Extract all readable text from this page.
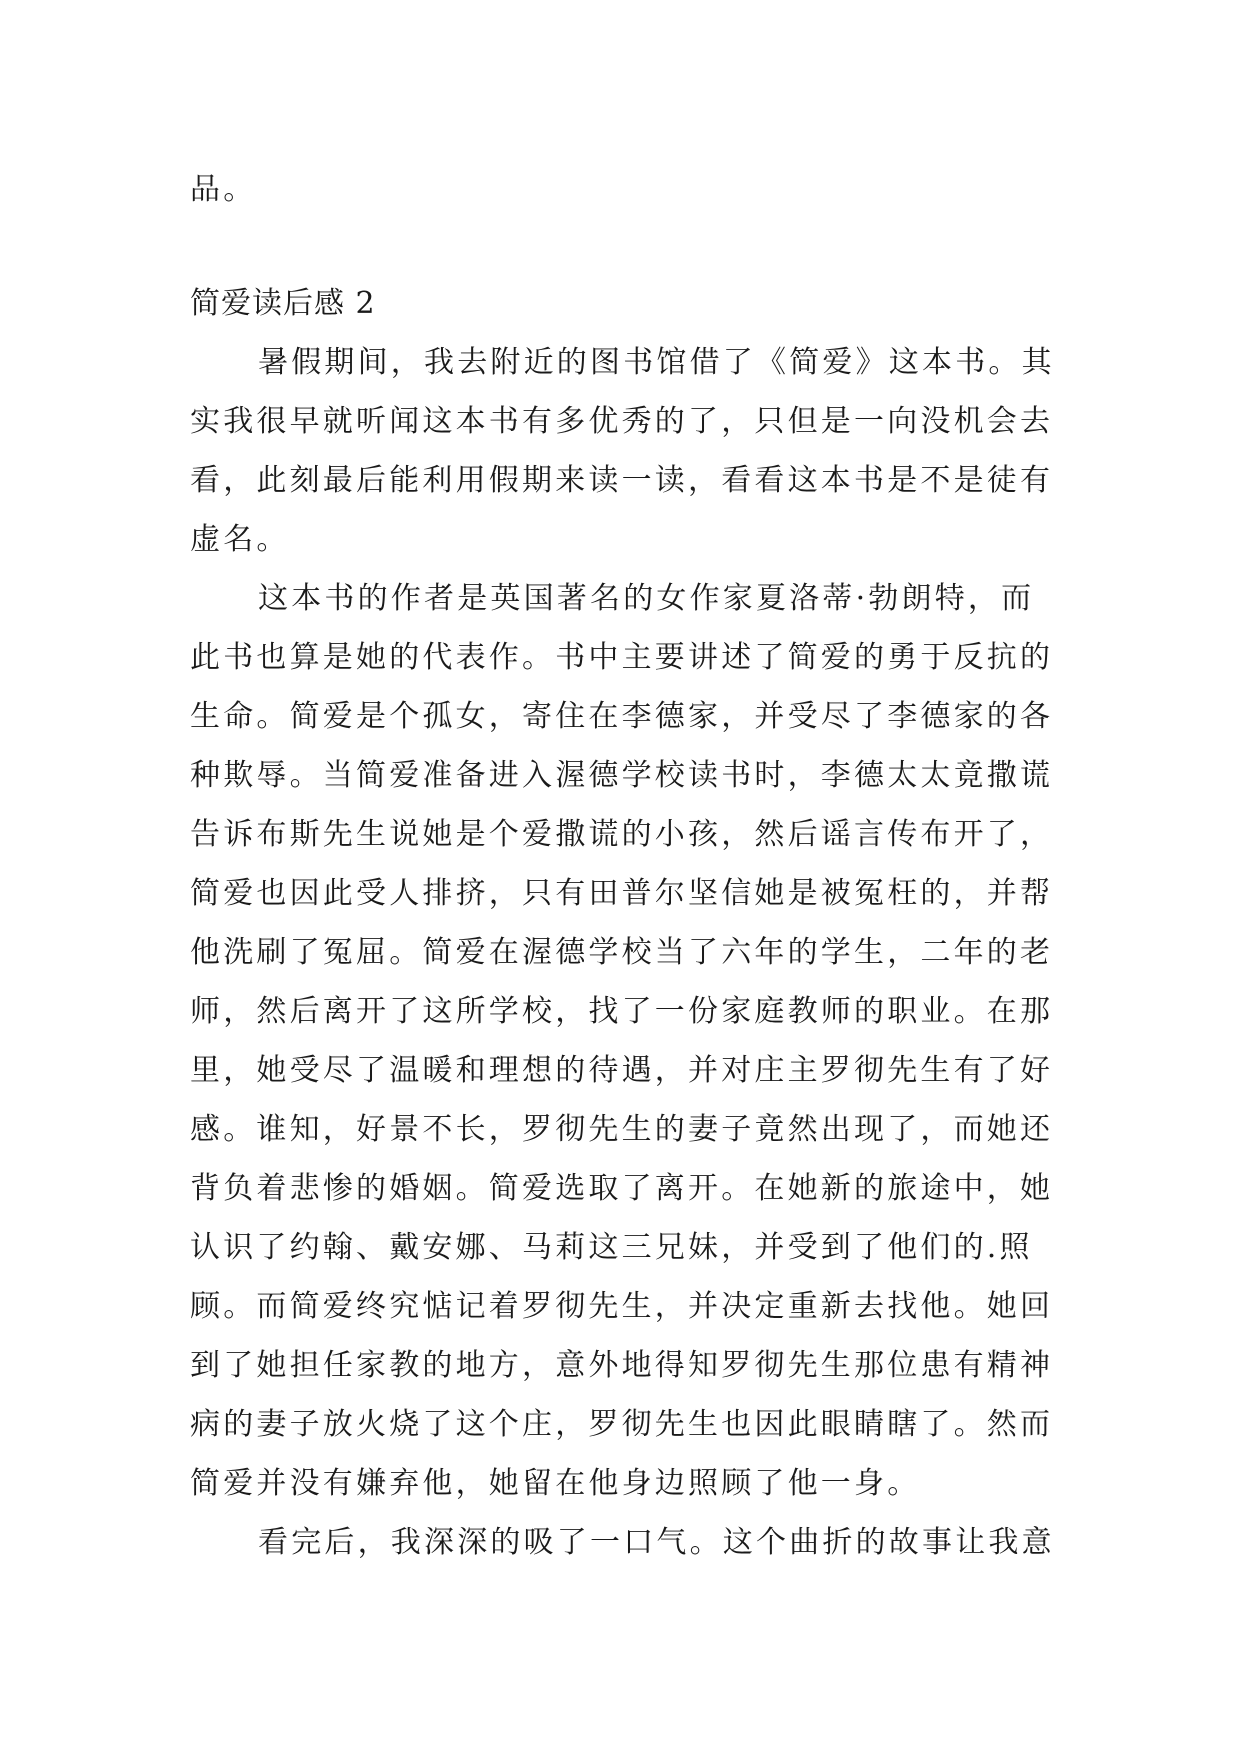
品。
简爱读后感 2
暑假期间，我去附近的图书馆借了《简爱》这本书。其
实我很早就听闻这本书有多优秀的了，只但是一向没机会去
看，此刻最后能利用假期来读一读，看看这本书是不是徒有
虚名。
这本书的作者是英国著名的女作家夏洛蒂·勃朗特，而
此书也算是她的代表作。书中主要讲述了简爱的勇于反抗的
生命。简爱是个孤女，寄住在李德家，并受尽了李德家的各
种欺辱。当简爱准备进入渥德学校读书时，李德太太竟撒谎
告诉布斯先生说她是个爱撒谎的小孩，然后谣言传布开了，
简爱也因此受人排挤，只有田普尔坚信她是被冤枉的，并帮
他洗刷了冤屈。简爱在渥德学校当了六年的学生，二年的老
师，然后离开了这所学校，找了一份家庭教师的职业。在那
里，她受尽了温暖和理想的待遇，并对庄主罗彻先生有了好
感。谁知，好景不长，罗彻先生的妻子竟然出现了，而她还
背负着悲惨的婚姻。简爱选取了离开。在她新的旅途中，她
认识了约翰、戴安娜、马莉这三兄妹，并受到了他们的.照
顾。而简爱终究惦记着罗彻先生，并决定重新去找他。她回
到了她担任家教的地方，意外地得知罗彻先生那位患有精神
病的妻子放火烧了这个庄，罗彻先生也因此眼睛瞎了。然而
简爱并没有嫌弃他，她留在他身边照顾了他一身。
看完后，我深深的吸了一口气。这个曲折的故事让我意
